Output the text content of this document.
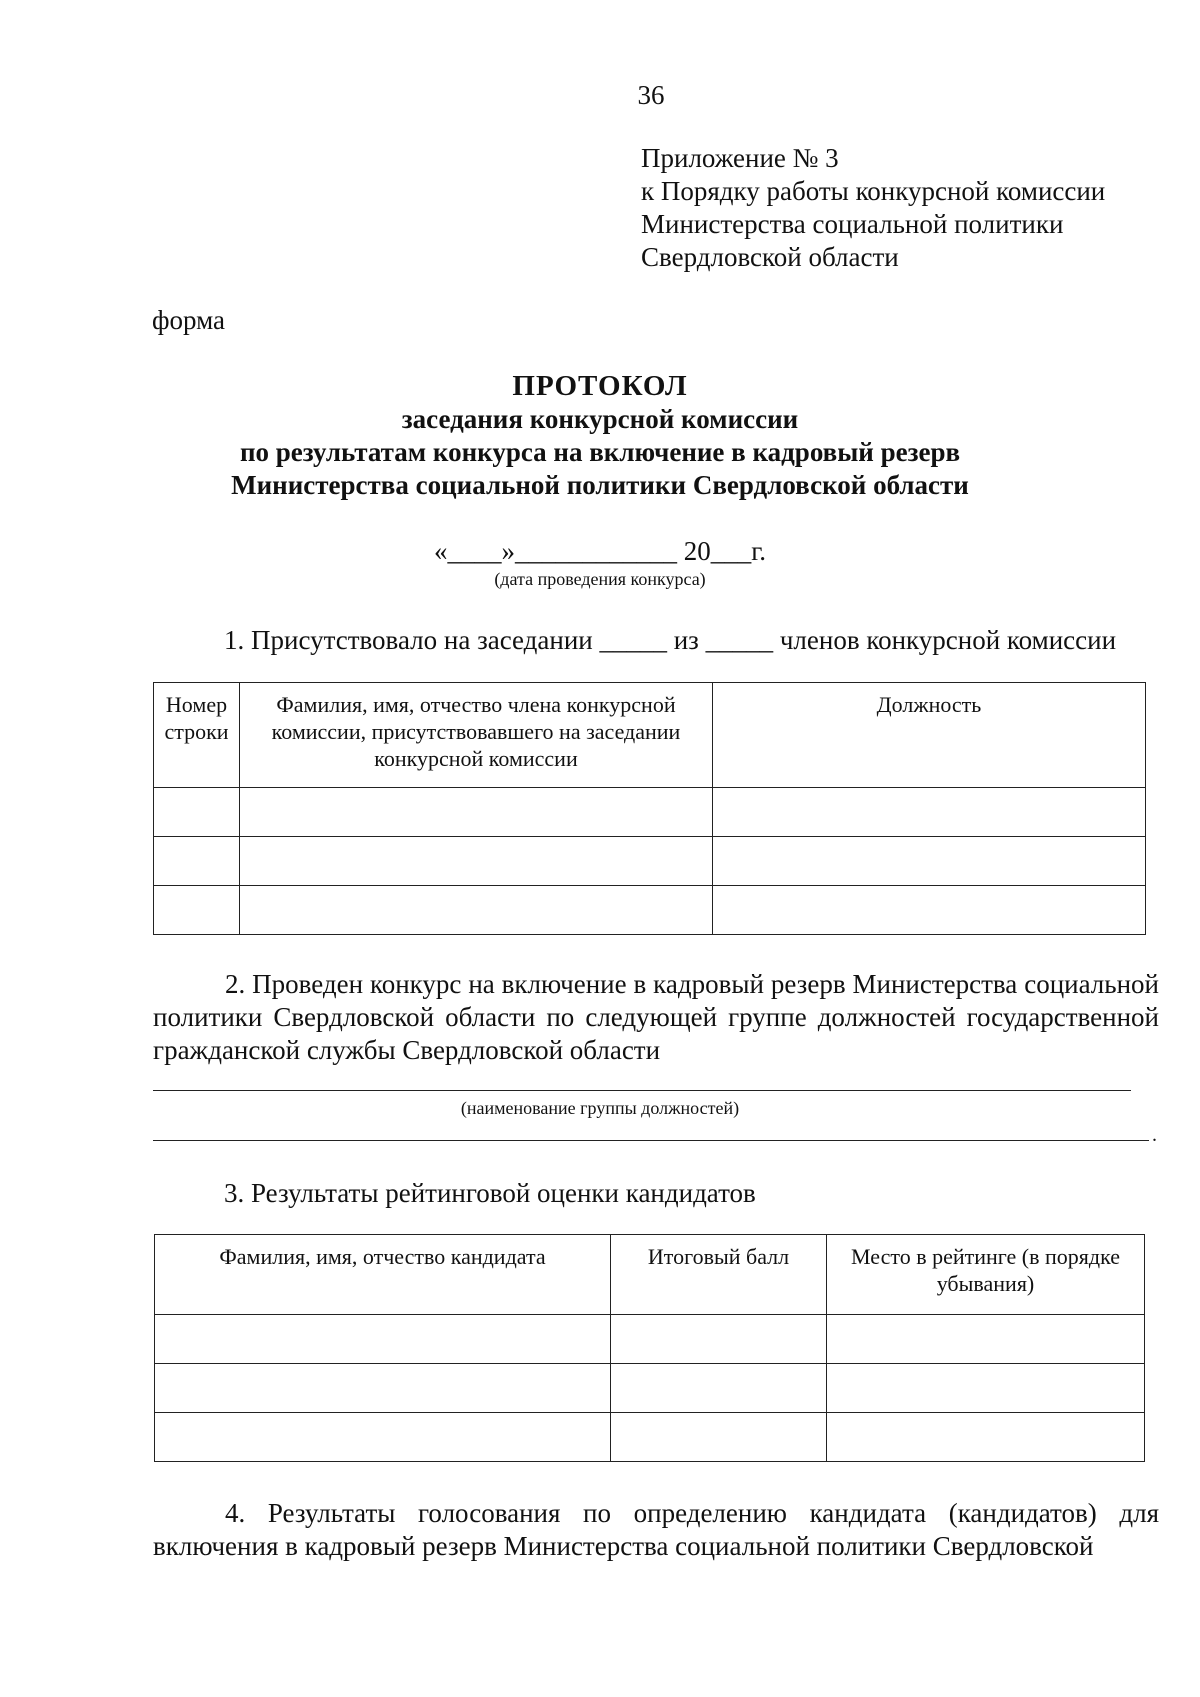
36
Приложение № 3
к Порядку работы конкурсной комиссии
Министерства социальной политики
Свердловской области
форма
ПРОТОКОЛ
заседания конкурсной комиссии
по результатам конкурса на включение в кадровый резерв
Министерства социальной политики Свердловской области
«____»____________ 20___г.
(дата проведения конкурса)
1. Присутствовало на заседании _____ из _____ членов конкурсной комиссии
Номер строки	Фамилия, имя, отчество члена конкурсной комиссии, присутствовавшего на заседании конкурсной комиссии	Должность

2. Проведен конкурс на включение в кадровый резерв Министерства социальной политики Свердловской области по следующей группе должностей государственной гражданской службы Свердловской области
(наименование группы должностей)
.
3. Результаты рейтинговой оценки кандидатов
Фамилия, имя, отчество кандидата	Итоговый балл	Место в рейтинге (в порядке убывания)

4. Результаты голосования по определению кандидата (кандидатов) для включения в кадровый резерв Министерства социальной политики Свердловской
